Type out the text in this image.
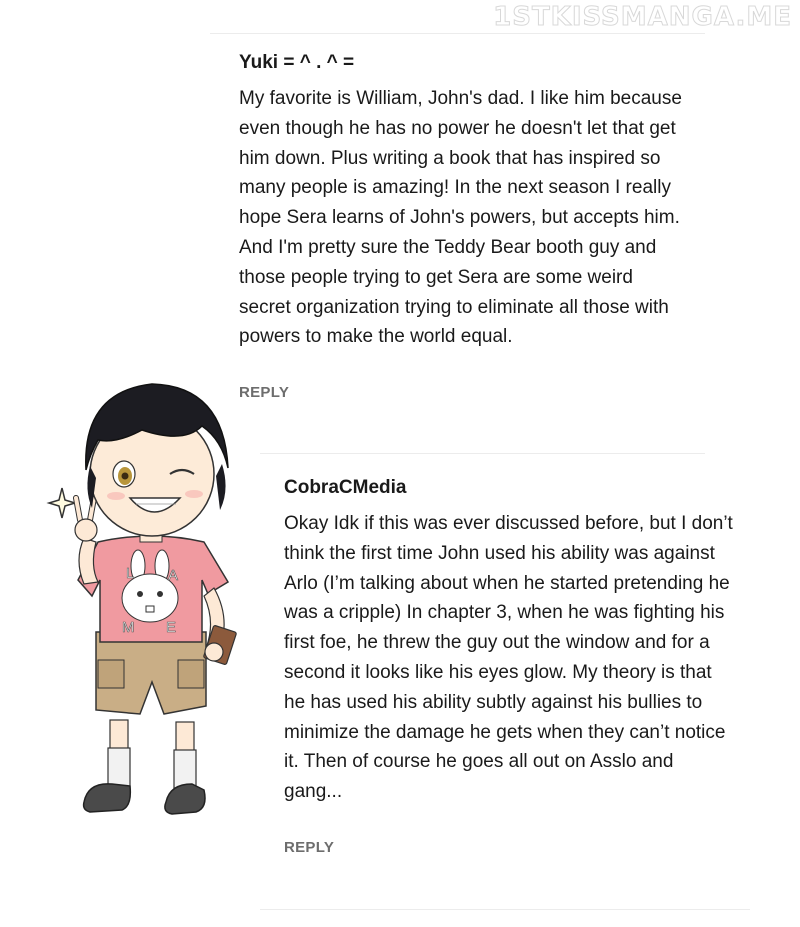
1STKISSMANGA.ME
Yuki = ^ . ^ =

My favorite is William, John's dad. I like him because even though he has no power he doesn't let that get him down. Plus writing a book that has inspired so many people is amazing! In the next season I really hope Sera learns of John's powers, but accepts him. And I'm pretty sure the Teddy Bear booth guy and those people trying to get Sera are some weird secret organization trying to eliminate all those with powers to make the world equal.

REPLY
CobraCMedia

Okay Idk if this was ever discussed before, but I don’t think the first time John used his ability was against Arlo (I’m talking about when he started pretending he was a cripple) In chapter 3, when he was fighting his first foe, he threw the guy out the window and for a second it looks like his eyes glow. My theory is that he has used his ability subtly against his bullies to minimize the damage he gets when they can’t notice it. Then of course he goes all out on Asslo and gang...

REPLY
L A
M E
